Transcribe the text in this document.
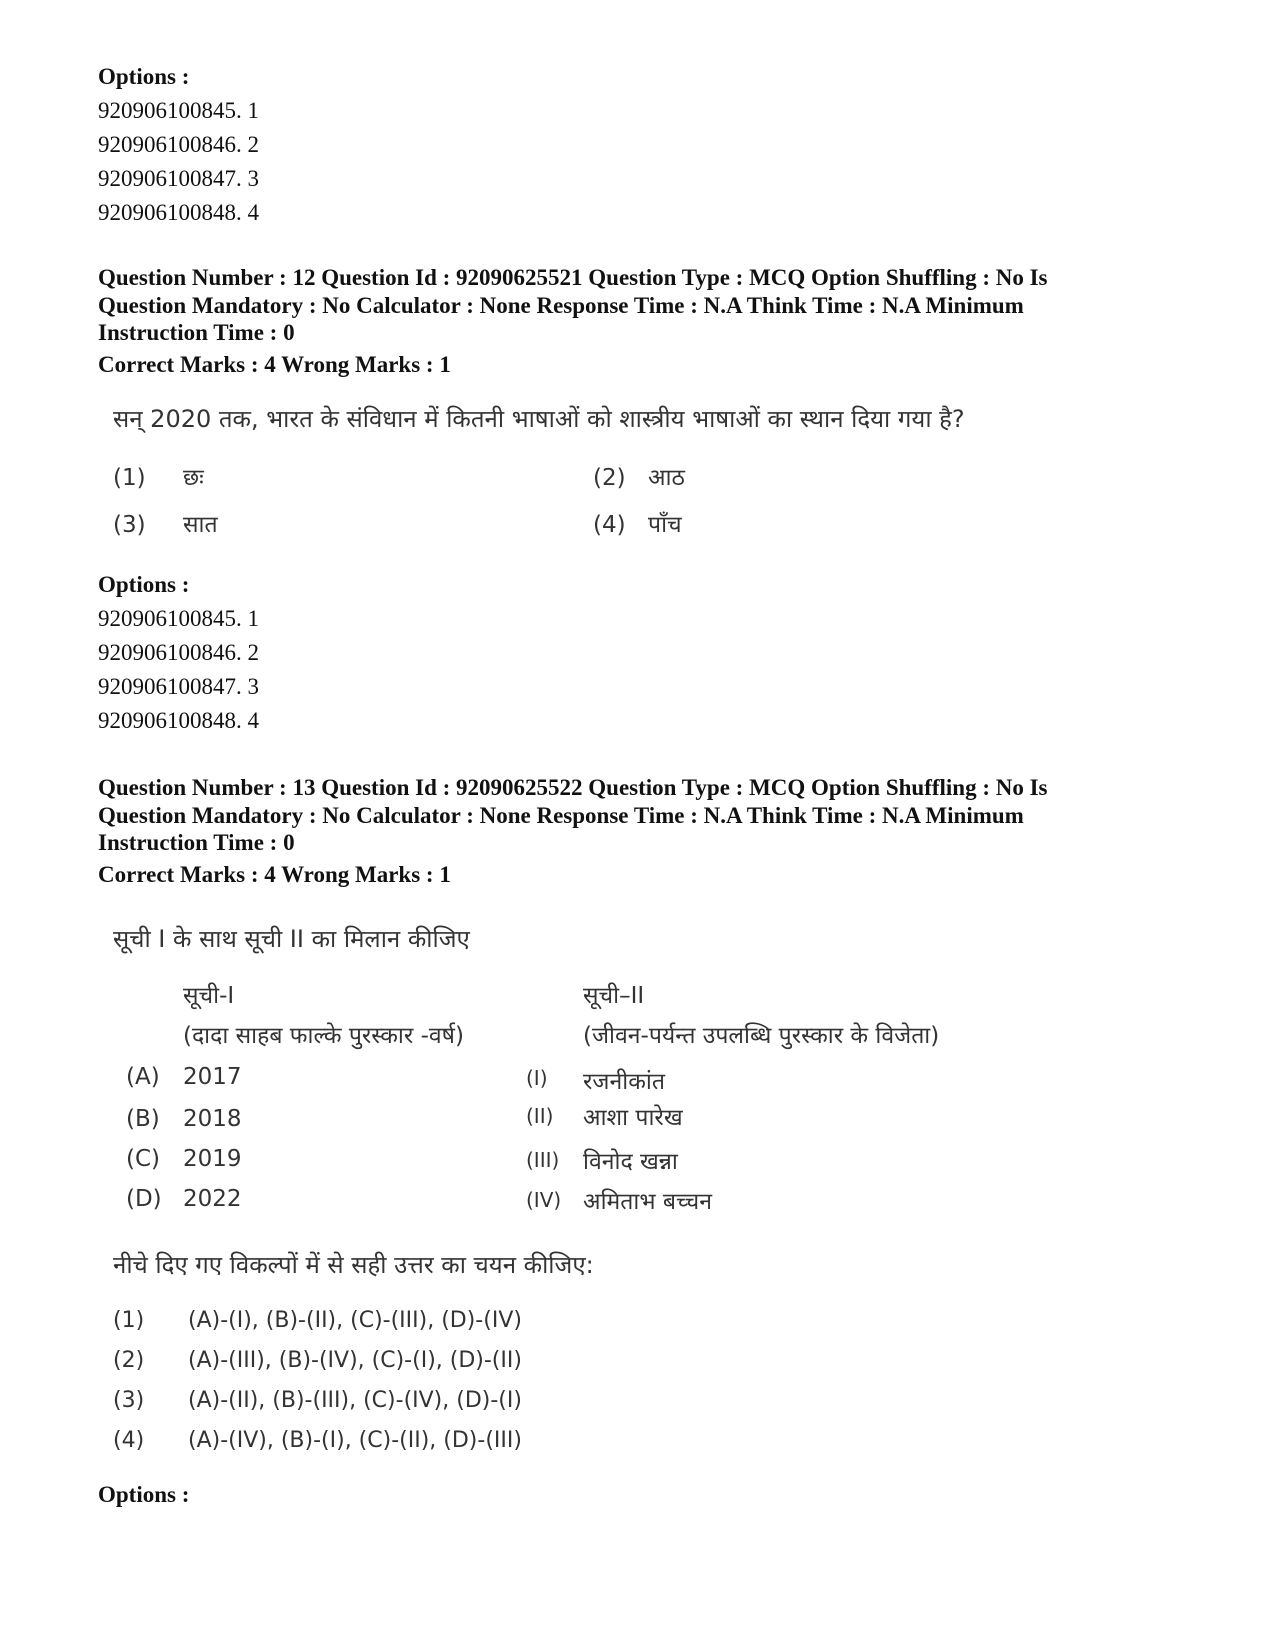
Options :
920906100845. 1
920906100846. 2
920906100847. 3
920906100848. 4
Question Number : 12 Question Id : 92090625521 Question Type : MCQ Option Shuffling : No Is
Question Mandatory : No Calculator : None Response Time : N.A Think Time : N.A Minimum
Instruction Time : 0
Correct Marks : 4 Wrong Marks : 1
सन् 2020 तक, भारत के संविधान में कितनी भाषाओं को शास्त्रीय भाषाओं का स्थान दिया गया है?
(1) छः	(2) आठ
(3) सात	(4) पाँच
Options :
920906100845. 1
920906100846. 2
920906100847. 3
920906100848. 4
Question Number : 13 Question Id : 92090625522 Question Type : MCQ Option Shuffling : No Is
Question Mandatory : No Calculator : None Response Time : N.A Think Time : N.A Minimum
Instruction Time : 0
Correct Marks : 4 Wrong Marks : 1
सूची I के साथ सूची II का मिलान कीजिए
सूची-I	सूची–II
(दादा साहब फाल्के पुरस्कार -वर्ष)	(जीवन-पर्यन्त उपलब्धि पुरस्कार के विजेता)
(A) 2017	(I) रजनीकांत
(B) 2018	(II) आशा पारेख
(C) 2019	(III) विनोद खन्ना
(D) 2022	(IV) अमिताभ बच्चन
नीचे दिए गए विकल्पों में से सही उत्तर का चयन कीजिए:
(1) (A)-(I), (B)-(II), (C)-(III), (D)-(IV)
(2) (A)-(III), (B)-(IV), (C)-(I), (D)-(II)
(3) (A)-(II), (B)-(III), (C)-(IV), (D)-(I)
(4) (A)-(IV), (B)-(I), (C)-(II), (D)-(III)
Options :
